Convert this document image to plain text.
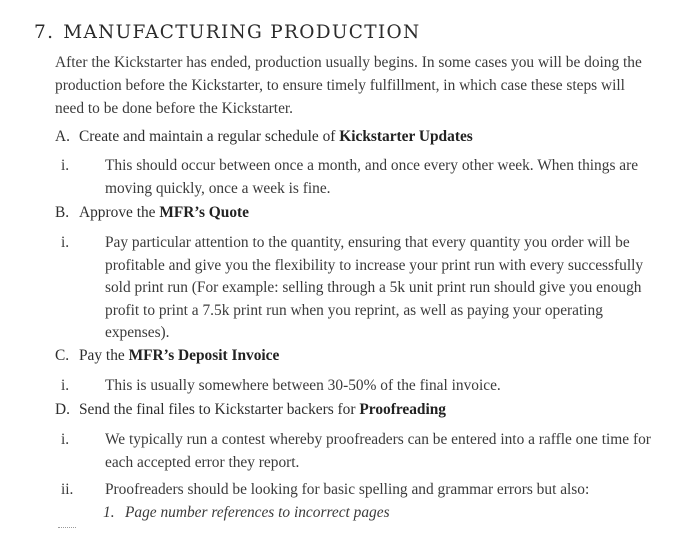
7. MANUFACTURING PRODUCTION
After the Kickstarter has ended, production usually begins. In some cases you will be doing the production before the Kickstarter, to ensure timely fulfillment, in which case these steps will need to be done before the Kickstarter.
A. Create and maintain a regular schedule of Kickstarter Updates
i. This should occur between once a month, and once every other week. When things are moving quickly, once a week is fine.
B. Approve the MFR’s Quote
i. Pay particular attention to the quantity, ensuring that every quantity you order will be profitable and give you the flexibility to increase your print run with every successfully sold print run (For example: selling through a 5k unit print run should give you enough profit to print a 7.5k print run when you reprint, as well as paying your operating expenses).
C. Pay the MFR’s Deposit Invoice
i. This is usually somewhere between 30-50% of the final invoice.
D. Send the final files to Kickstarter backers for Proofreading
i. We typically run a contest whereby proofreaders can be entered into a raffle one time for each accepted error they report.
ii. Proofreaders should be looking for basic spelling and grammar errors but also:
1. Page number references to incorrect pages
